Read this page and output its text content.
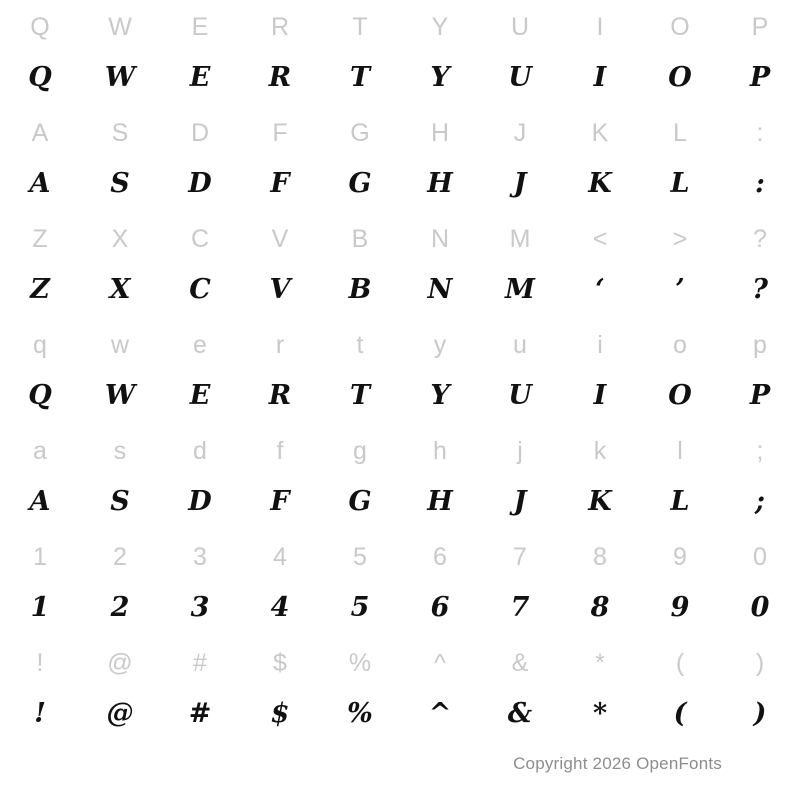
Q	W	E	R	T	Y	U	I	O	P
Q	W	E	R	T	Y	U	I	O	P
A	S	D	F	G	H	J	K	L	:
A	S	D	F	G	H	J	K	L	:
Z	X	C	V	B	N	M	<	>	?
Z	X	C	V	B	N	M	‘	’	?
q	w	e	r	t	y	u	i	o	p
Q	W	E	R	T	Y	U	I	O	P
a	s	d	f	g	h	j	k	l	;
A	S	D	F	G	H	J	K	L	;
1	2	3	4	5	6	7	8	9	0
1	2	3	4	5	6	7	8	9	0
!	@	#	$	%	^	&	*	(	)
!	@	#	$	%	^	&	*	(	)
Copyright 2026 OpenFonts
